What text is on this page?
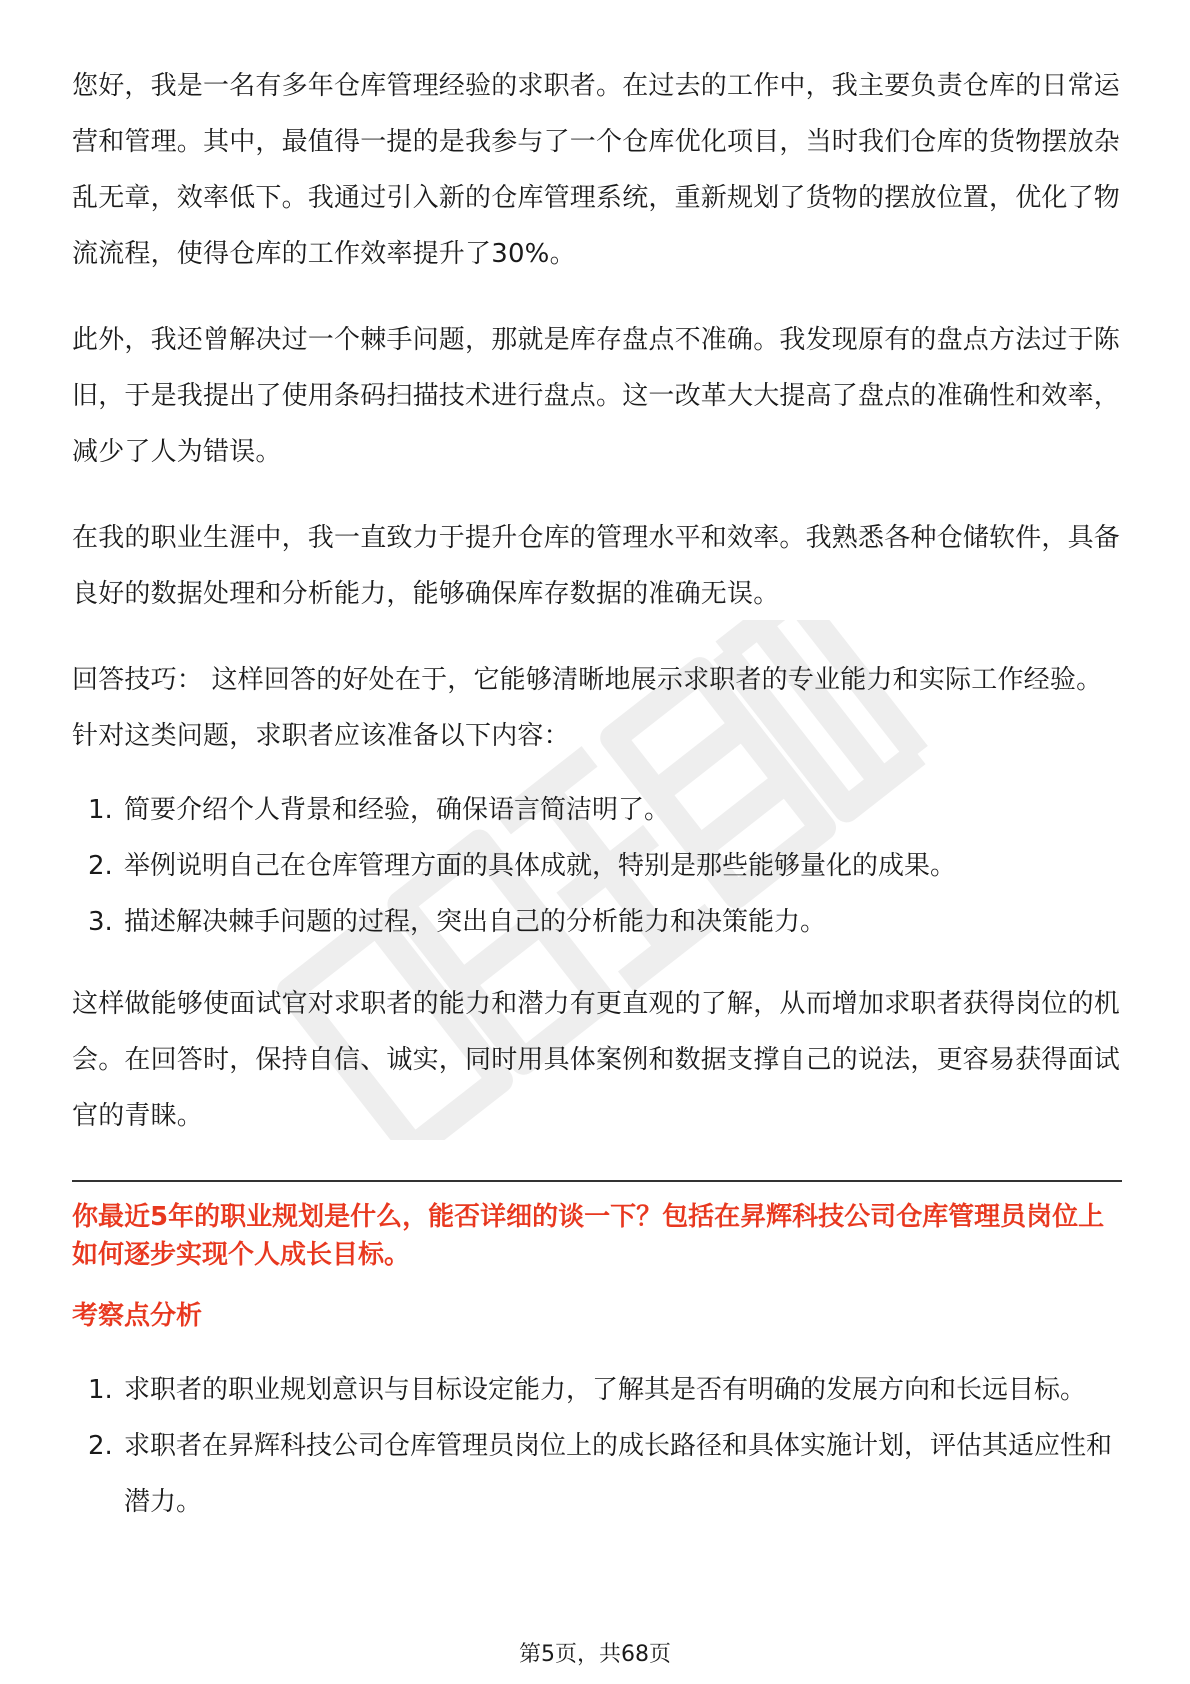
您好，我是一名有多年仓库管理经验的求职者。在过去的工作中，我主要负责仓库的日常运营和管理。其中，最值得一提的是我参与了一个仓库优化项目，当时我们仓库的货物摆放杂乱无章，效率低下。我通过引入新的仓库管理系统，重新规划了货物的摆放位置，优化了物流流程，使得仓库的工作效率提升了30%。

此外，我还曾解决过一个棘手问题，那就是库存盘点不准确。我发现原有的盘点方法过于陈旧，于是我提出了使用条码扫描技术进行盘点。这一改革大大提高了盘点的准确性和效率，减少了人为错误。

在我的职业生涯中，我一直致力于提升仓库的管理水平和效率。我熟悉各种仓储软件，具备良好的数据处理和分析能力，能够确保库存数据的准确无误。

回答技巧： 这样回答的好处在于，它能够清晰地展示求职者的专业能力和实际工作经验。针对这类问题，求职者应该准备以下内容：

1. 简要介绍个人背景和经验，确保语言简洁明了。
2. 举例说明自己在仓库管理方面的具体成就，特别是那些能够量化的成果。
3. 描述解决棘手问题的过程，突出自己的分析能力和决策能力。

这样做能够使面试官对求职者的能力和潜力有更直观的了解，从而增加求职者获得岗位的机会。在回答时，保持自信、诚实，同时用具体案例和数据支撑自己的说法，更容易获得面试官的青睐。

你最近5年的职业规划是什么，能否详细的谈一下？包括在昇辉科技公司仓库管理员岗位上如何逐步实现个人成长目标。

考察点分析

1. 求职者的职业规划意识与目标设定能力，了解其是否有明确的发展方向和长远目标。
2. 求职者在昇辉科技公司仓库管理员岗位上的成长路径和具体实施计划，评估其适应性和潜力。
第5页，共68页
